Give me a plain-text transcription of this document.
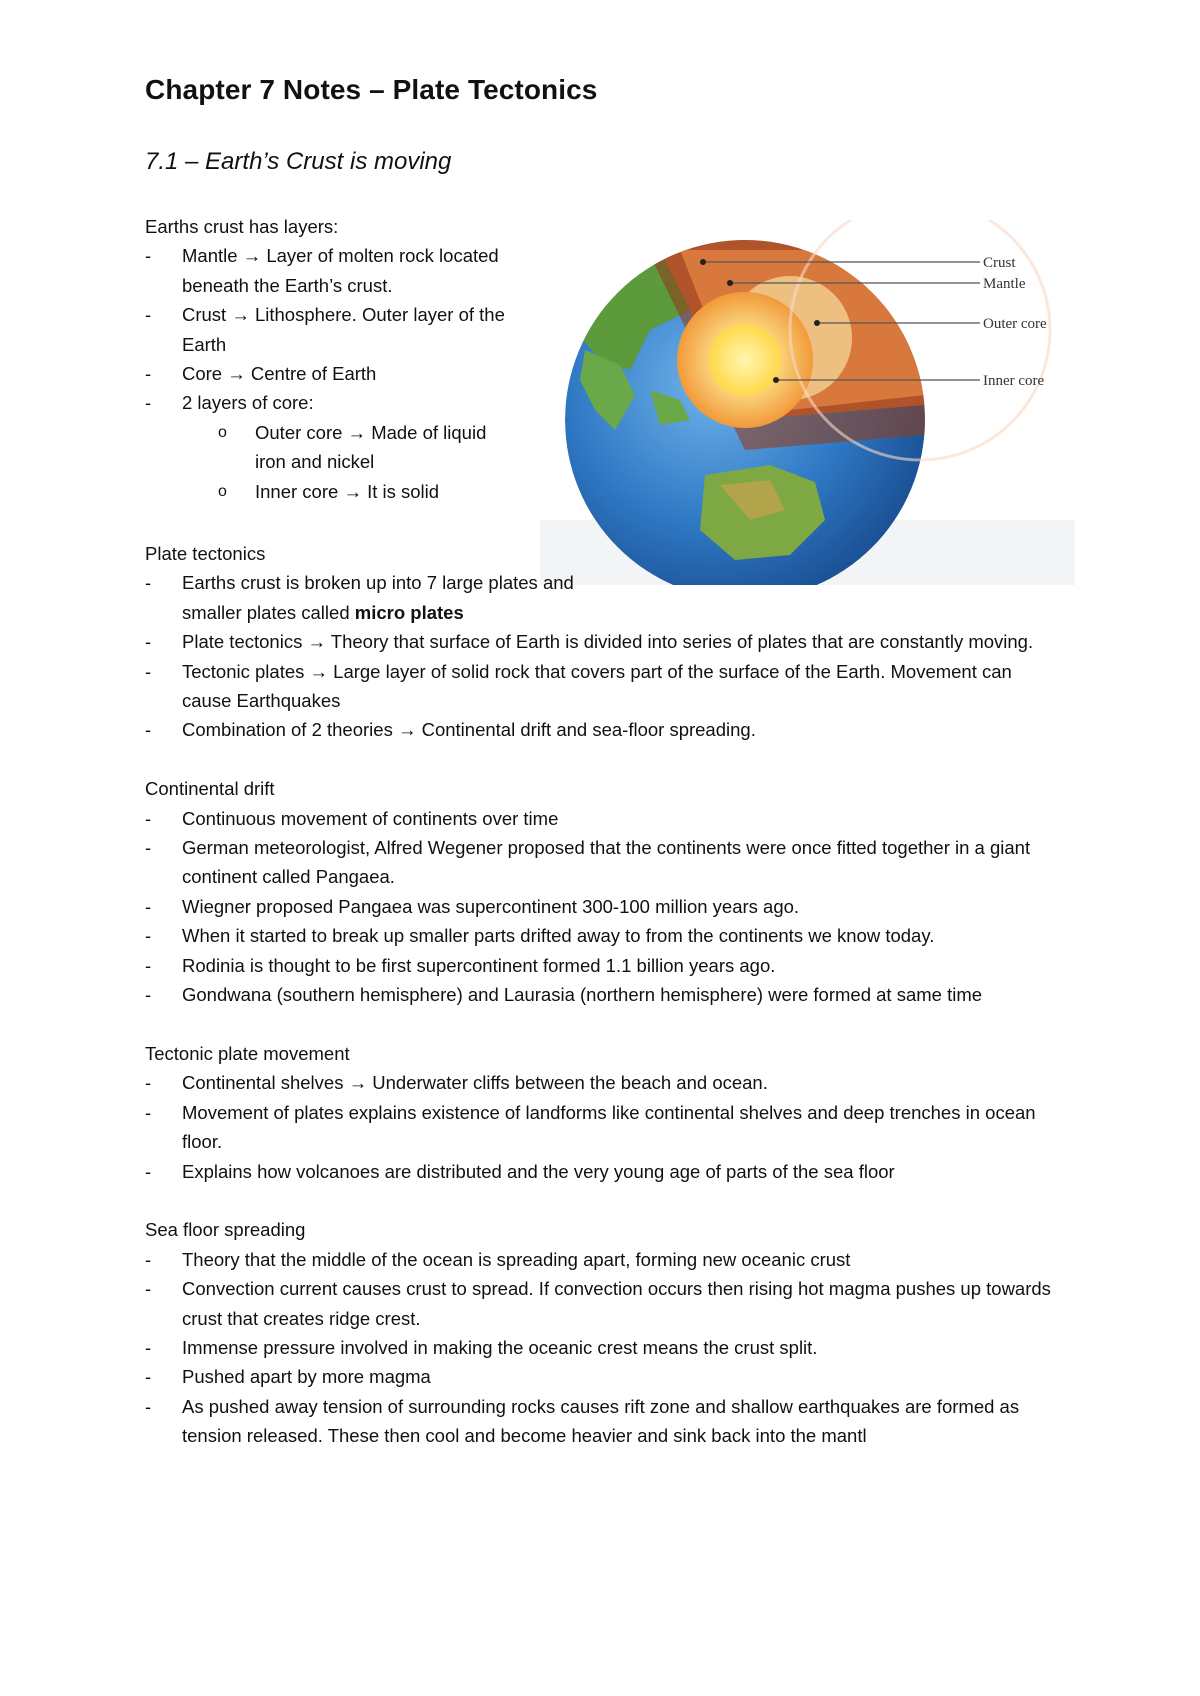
Chapter 7 Notes – Plate Tectonics
7.1 – Earth’s Crust is moving
Crust
Mantle
Outer core
Inner core

Earths crust has layers:

- Mantle → Layer of molten rock located beneath the Earth’s crust.
- Crust → Lithosphere. Outer layer of the Earth
- Core → Centre of Earth
- 2 layers of core:
o Outer core → Made of liquid iron and nickel
o Inner core → It is solid

Plate tectonics

- Earths crust is broken up into 7 large plates and smaller plates called micro plates
- Plate tectonics → Theory that surface of Earth is divided into series of plates that are constantly moving.
- Tectonic plates → Large layer of solid rock that covers part of the surface of the Earth. Movement can cause Earthquakes
- Combination of 2 theories → Continental drift and sea-floor spreading.

Continental drift

- Continuous movement of continents over time
- German meteorologist, Alfred Wegener proposed that the continents were once fitted together in a giant continent called Pangaea.
- Wiegner proposed Pangaea was supercontinent 300-100 million years ago.
- When it started to break up smaller parts drifted away to from the continents we know today.
- Rodinia is thought to be first supercontinent formed 1.1 billion years ago.
- Gondwana (southern hemisphere) and Laurasia (northern hemisphere) were formed at same time

Tectonic plate movement

- Continental shelves → Underwater cliffs between the beach and ocean.
- Movement of plates explains existence of landforms like continental shelves and deep trenches in ocean floor.
- Explains how volcanoes are distributed and the very young age of parts of the sea floor

Sea floor spreading

- Theory that the middle of the ocean is spreading apart, forming new oceanic crust
- Convection current causes crust to spread. If convection occurs then rising hot magma pushes up towards crust that creates ridge crest.
- Immense pressure involved in making the oceanic crest means the crust split.
- Pushed apart by more magma
- As pushed away tension of surrounding rocks causes rift zone and shallow earthquakes are formed as tension released. These then cool and become heavier and sink back into the mantl
